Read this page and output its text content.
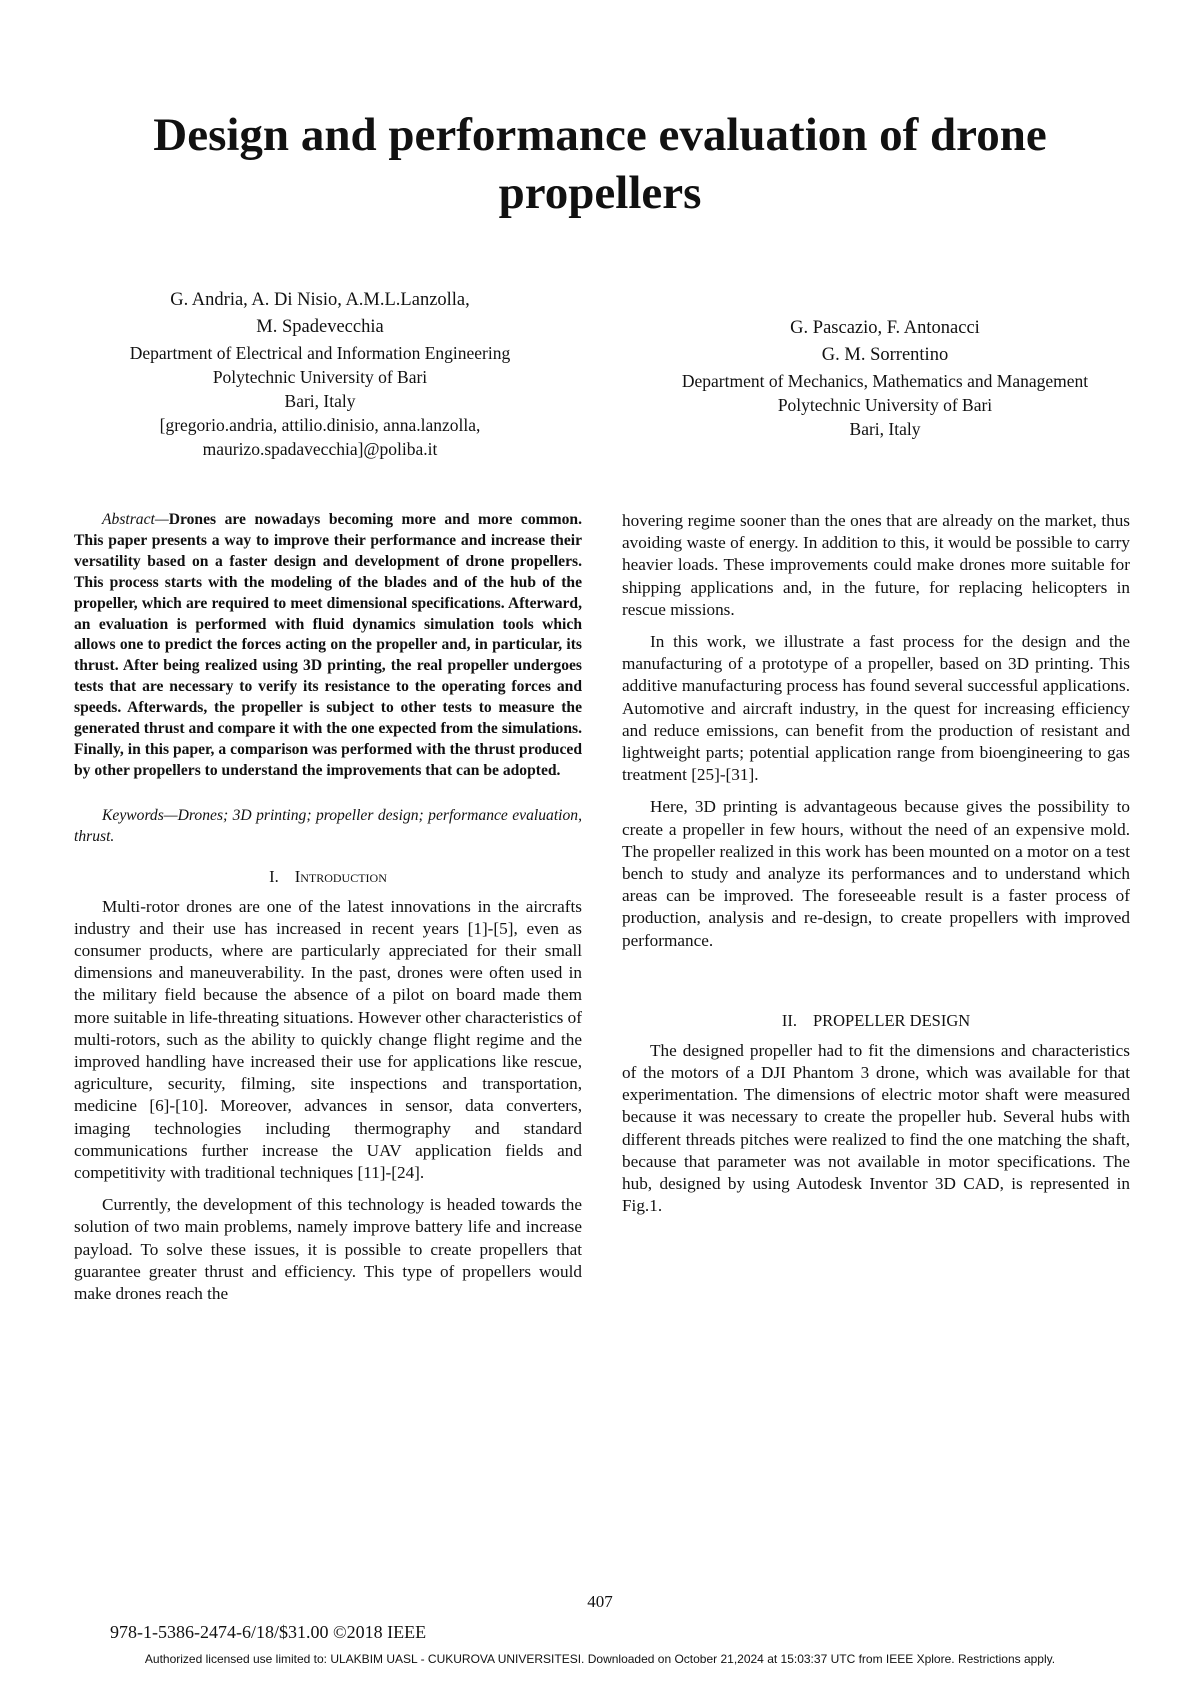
Design and performance evaluation of drone propellers
G. Andria, A. Di Nisio, A.M.L.Lanzolla,
M. Spadevecchia
Department of Electrical and Information Engineering
Polytechnic University of Bari
Bari, Italy
[gregorio.andria, attilio.dinisio, anna.lanzolla,
maurizo.spadavecchia]@poliba.it
G. Pascazio, F. Antonacci
G. M. Sorrentino
Department of Mechanics, Mathematics and Management
Polytechnic University of Bari
Bari, Italy

Abstract—Drones are nowadays becoming more and more common. This paper presents a way to improve their performance and increase their versatility based on a faster design and development of drone propellers. This process starts with the modeling of the blades and of the hub of the propeller, which are required to meet dimensional specifications. Afterward, an evaluation is performed with fluid dynamics simulation tools which allows one to predict the forces acting on the propeller and, in particular, its thrust. After being realized using 3D printing, the real propeller undergoes tests that are necessary to verify its resistance to the operating forces and speeds. Afterwards, the propeller is subject to other tests to measure the generated thrust and compare it with the one expected from the simulations. Finally, in this paper, a comparison was performed with the thrust produced by other propellers to understand the improvements that can be adopted.

Keywords—Drones; 3D printing; propeller design; performance evaluation, thrust.

I. Introduction

Multi-rotor drones are one of the latest innovations in the aircrafts industry and their use has increased in recent years [1]-[5], even as consumer products, where are particularly appreciated for their small dimensions and maneuverability. In the past, drones were often used in the military field because the absence of a pilot on board made them more suitable in life-threating situations. However other characteristics of multi-rotors, such as the ability to quickly change flight regime and the improved handling have increased their use for applications like rescue, agriculture, security, filming, site inspections and transportation, medicine [6]-[10]. Moreover, advances in sensor, data converters, imaging technologies including thermography and standard communications further increase the UAV application fields and competitivity with traditional techniques [11]-[24].

Currently, the development of this technology is headed towards the solution of two main problems, namely improve battery life and increase payload. To solve these issues, it is possible to create propellers that guarantee greater thrust and efficiency. This type of propellers would make drones reach the

hovering regime sooner than the ones that are already on the market, thus avoiding waste of energy. In addition to this, it would be possible to carry heavier loads. These improvements could make drones more suitable for shipping applications and, in the future, for replacing helicopters in rescue missions.

In this work, we illustrate a fast process for the design and the manufacturing of a prototype of a propeller, based on 3D printing. This additive manufacturing process has found several successful applications. Automotive and aircraft industry, in the quest for increasing efficiency and reduce emissions, can benefit from the production of resistant and lightweight parts; potential application range from bioengineering to gas treatment [25]-[31].

Here, 3D printing is advantageous because gives the possibility to create a propeller in few hours, without the need of an expensive mold. The propeller realized in this work has been mounted on a motor on a test bench to study and analyze its performances and to understand which areas can be improved. The foreseeable result is a faster process of production, analysis and re-design, to create propellers with improved performance.

II. PROPELLER DESIGN

The designed propeller had to fit the dimensions and characteristics of the motors of a DJI Phantom 3 drone, which was available for that experimentation. The dimensions of electric motor shaft were measured because it was necessary to create the propeller hub. Several hubs with different threads pitches were realized to find the one matching the shaft, because that parameter was not available in motor specifications. The hub, designed by using Autodesk Inventor 3D CAD, is represented in Fig.1.

407
978-1-5386-2474-6/18/$31.00 ©2018 IEEE
Authorized licensed use limited to: ULAKBIM UASL - CUKUROVA UNIVERSITESI. Downloaded on October 21,2024 at 15:03:37 UTC from IEEE Xplore. Restrictions apply.
